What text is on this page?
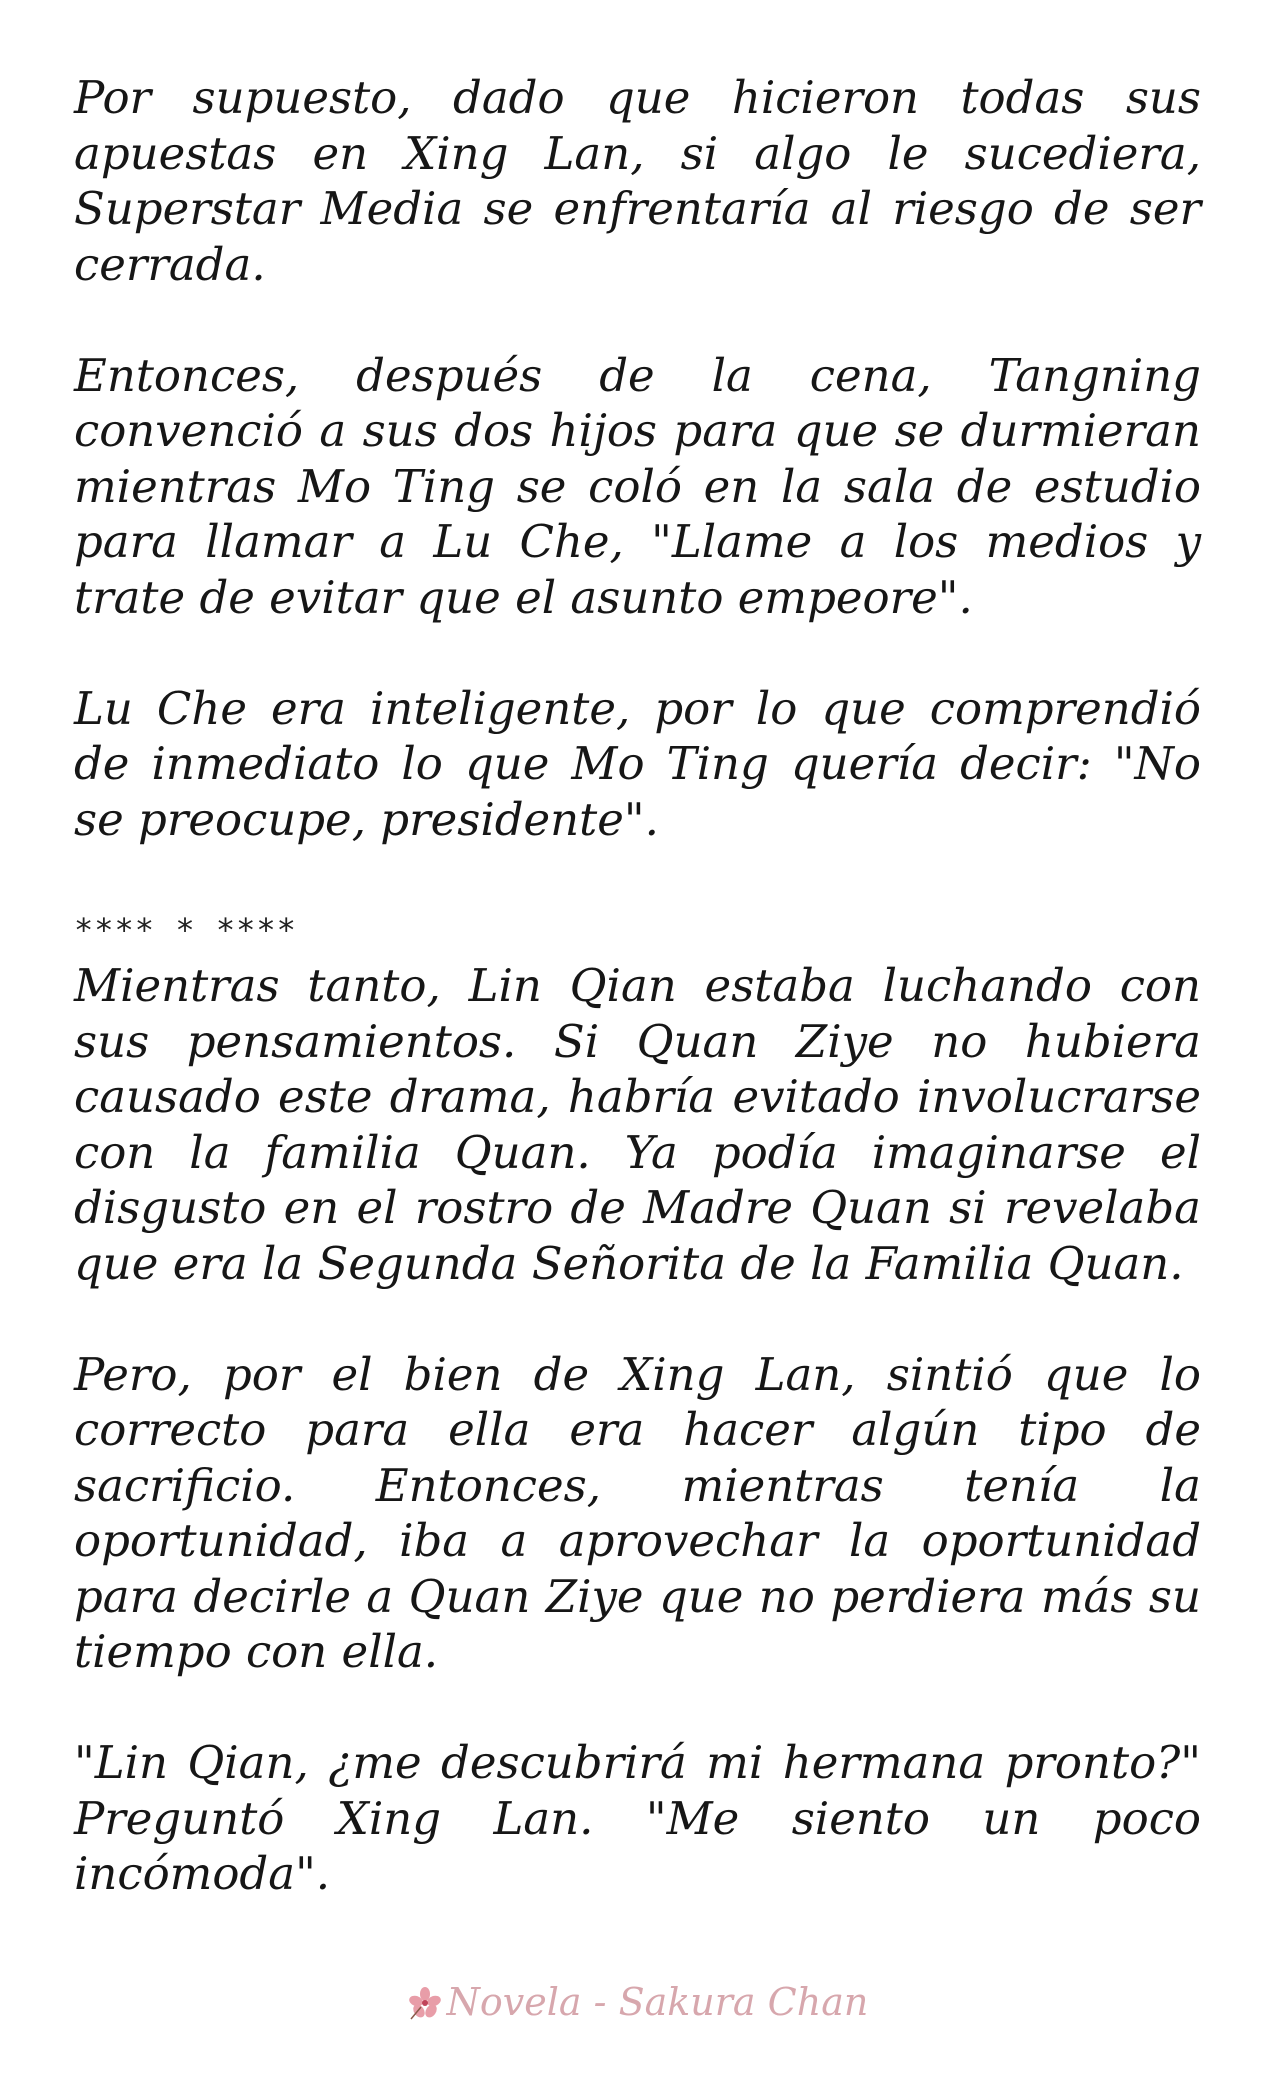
Por supuesto, dado que hicieron todas sus apuestas en Xing Lan, si algo le sucediera, Superstar Media se enfrentaría al riesgo de ser cerrada.

Entonces, después de la cena, Tangning convenció a sus dos hijos para que se durmieran mientras Mo Ting se coló en la sala de estudio para llamar a Lu Che, "Llame a los medios y trate de evitar que el asunto empeore".

Lu Che era inteligente, por lo que comprendió de inmediato lo que Mo Ting quería decir: "No se preocupe, presidente".

**** * ****

Mientras tanto, Lin Qian estaba luchando con sus pensamientos. Si Quan Ziye no hubiera causado este drama, habría evitado involucrarse con la familia Quan. Ya podía imaginarse el disgusto en el rostro de Madre Quan si revelaba que era la Segunda Señorita de la Familia Quan.

Pero, por el bien de Xing Lan, sintió que lo correcto para ella era hacer algún tipo de sacrificio. Entonces, mientras tenía la oportunidad, iba a aprovechar la oportunidad para decirle a Quan Ziye que no perdiera más su tiempo con ella.

"Lin Qian, ¿me descubrirá mi hermana pronto?" Preguntó Xing Lan. "Me siento un poco incómoda".

Novela - Sakura Chan
